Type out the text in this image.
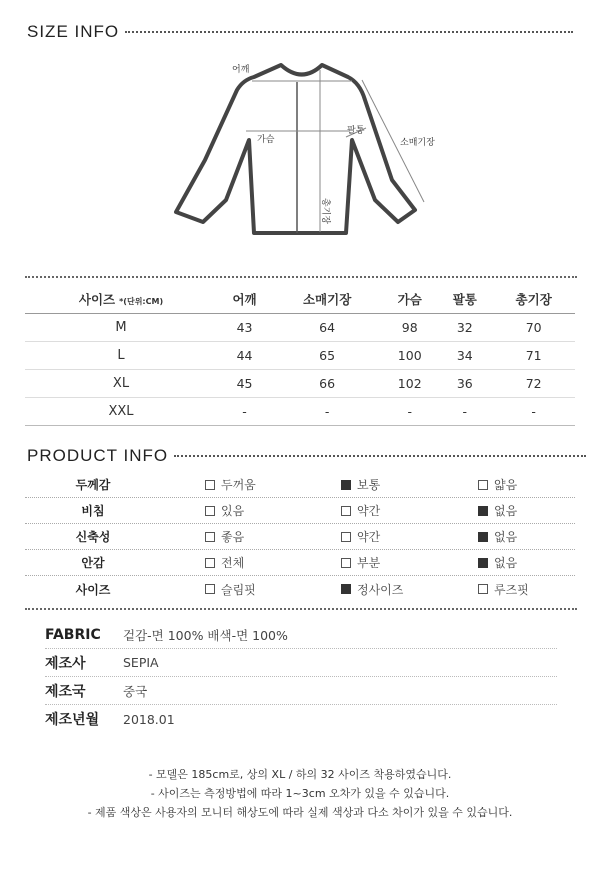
SIZE INFO
어깨
가슴
팔통
소매기장
총기장
사이즈 *(단위:CM)	어깨	소매기장	가슴	팔통	총기장
M	43	64	98	32	70
L	44	65	100	34	71
XL	45	66	102	36	72
XXL	-	-	-	-	-
PRODUCT INFO
두께감	두꺼움	보통	얇음
비침	있음	약간	없음
신축성	좋음	약간	없음
안감	전체	부분	없음
사이즈	슬림핏	정사이즈	루즈핏
FABRIC	겉감-면 100% 배색-면 100%
제조사	SEPIA
제조국	중국
제조년월	2018.01
- 모델은 185cm로, 상의 XL / 하의 32 사이즈 착용하였습니다.
- 사이즈는 측정방법에 따라 1~3cm 오차가 있을 수 있습니다.
- 제품 색상은 사용자의 모니터 해상도에 따라 실제 색상과 다소 차이가 있을 수 있습니다.
